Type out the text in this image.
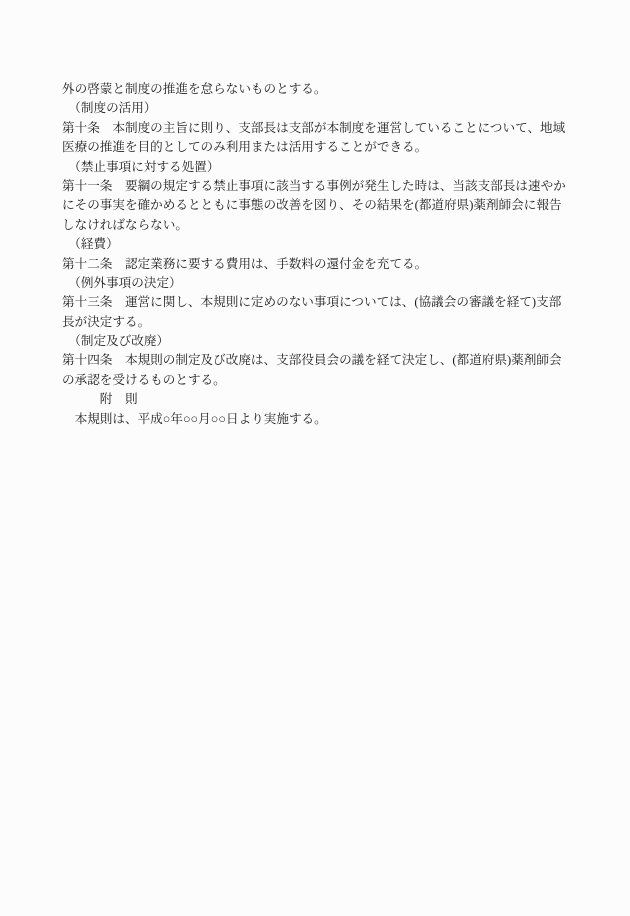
外の啓蒙と制度の推進を怠らないものとする。
　（制度の活用）
第十条　本制度の主旨に則り、支部長は支部が本制度を運営していることについて、地域
医療の推進を目的としてのみ利用または活用することができる。
　（禁止事項に対する処置）
第十一条　要綱の規定する禁止事項に該当する事例が発生した時は、当該支部長は速やか
にその事実を確かめるとともに事態の改善を図り、その結果を(都道府県)薬剤師会に報告
しなければならない。
　（経費）
第十二条　認定業務に要する費用は、手数料の還付金を充てる。
　（例外事項の決定）
第十三条　運営に関し、本規則に定めのない事項については、(協議会の審議を経て)支部
長が決定する。
　（制定及び改廃）
第十四条　本規則の制定及び改廃は、支部役員会の議を経て決定し、(都道府県)薬剤師会
の承認を受けるものとする。
　　　附　則
　本規則は、平成○年○○月○○日より実施する。
